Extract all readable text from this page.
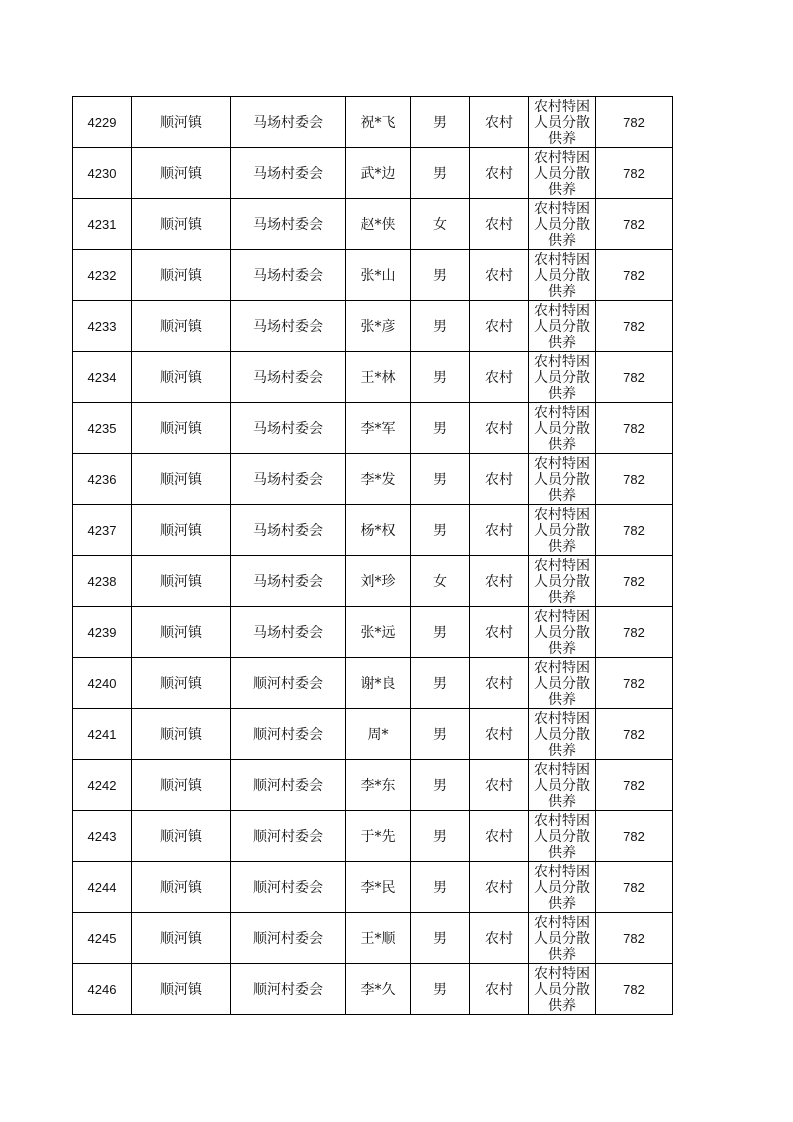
4229	顺河镇	马场村委会	祝*飞	男	农村	农村特困人员分散供养	782
4230	顺河镇	马场村委会	武*边	男	农村	农村特困人员分散供养	782
4231	顺河镇	马场村委会	赵*侠	女	农村	农村特困人员分散供养	782
4232	顺河镇	马场村委会	张*山	男	农村	农村特困人员分散供养	782
4233	顺河镇	马场村委会	张*彦	男	农村	农村特困人员分散供养	782
4234	顺河镇	马场村委会	王*林	男	农村	农村特困人员分散供养	782
4235	顺河镇	马场村委会	李*军	男	农村	农村特困人员分散供养	782
4236	顺河镇	马场村委会	李*发	男	农村	农村特困人员分散供养	782
4237	顺河镇	马场村委会	杨*权	男	农村	农村特困人员分散供养	782
4238	顺河镇	马场村委会	刘*珍	女	农村	农村特困人员分散供养	782
4239	顺河镇	马场村委会	张*远	男	农村	农村特困人员分散供养	782
4240	顺河镇	顺河村委会	谢*良	男	农村	农村特困人员分散供养	782
4241	顺河镇	顺河村委会	周*	男	农村	农村特困人员分散供养	782
4242	顺河镇	顺河村委会	李*东	男	农村	农村特困人员分散供养	782
4243	顺河镇	顺河村委会	于*先	男	农村	农村特困人员分散供养	782
4244	顺河镇	顺河村委会	李*民	男	农村	农村特困人员分散供养	782
4245	顺河镇	顺河村委会	王*顺	男	农村	农村特困人员分散供养	782
4246	顺河镇	顺河村委会	李*久	男	农村	农村特困人员分散供养	782
